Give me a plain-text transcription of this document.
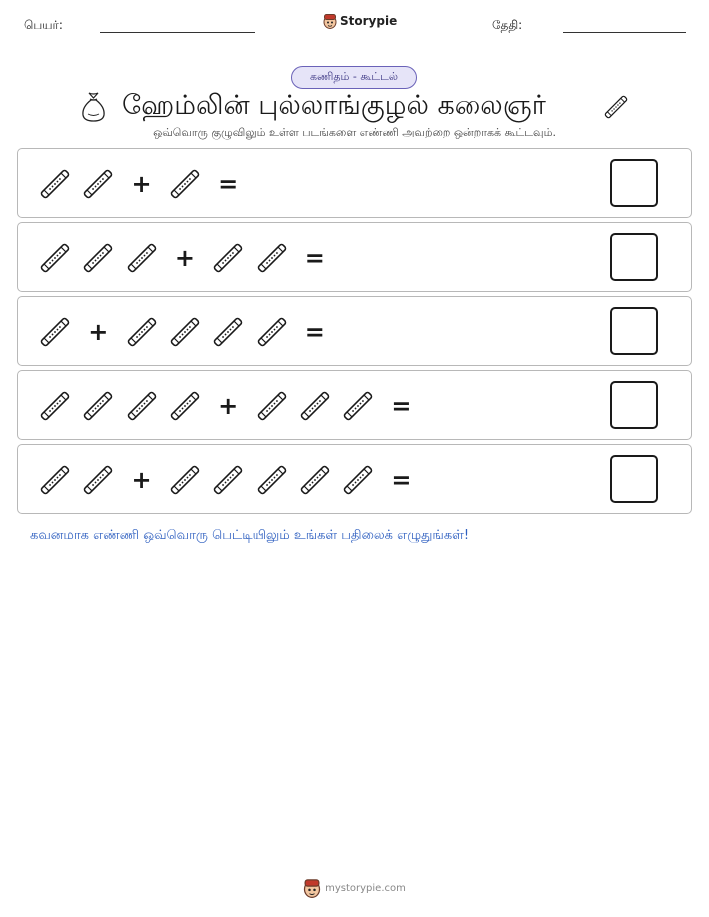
பெயர்:	Storypie	தேதி:
கணிதம் - கூட்டல்
ஹேம்லின் புல்லாங்குழல் கலைஞர்
ஒவ்வொரு குழுவிலும் உள்ள படங்களை எண்ணி அவற்றை ஒன்றாகக் கூட்டவும்.
+	=
+	=
+	=
+	=
+	=
கவனமாக எண்ணி ஒவ்வொரு பெட்டியிலும் உங்கள் பதிலைக் எழுதுங்கள்!
mystorypie.com
